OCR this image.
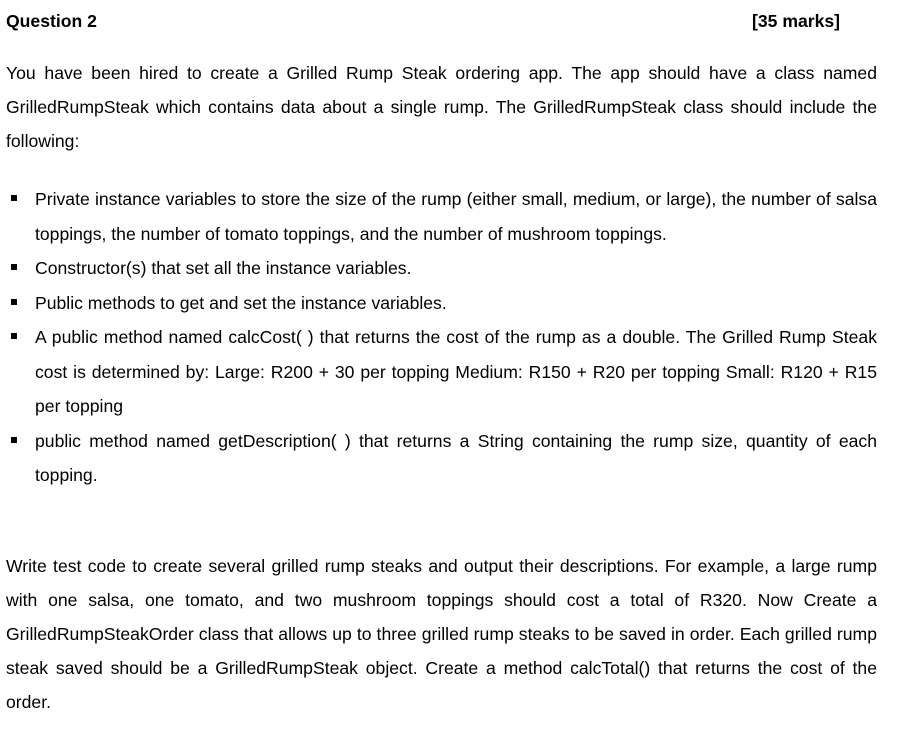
Question 2	[35 marks]

You have been hired to create a Grilled Rump Steak ordering app. The app should have a class named GrilledRumpSteak which contains data about a single rump. The GrilledRumpSteak class should include the following:

Private instance variables to store the size of the rump (either small, medium, or large), the number of salsa toppings, the number of tomato toppings, and the number of mushroom toppings.
Constructor(s) that set all the instance variables.
Public methods to get and set the instance variables.
A public method named calcCost( ) that returns the cost of the rump as a double. The Grilled Rump Steak cost is determined by: Large: R200 + 30 per topping Medium: R150 + R20 per topping Small: R120 + R15 per topping
public method named getDescription( ) that returns a String containing the rump size, quantity of each topping.

Write test code to create several grilled rump steaks and output their descriptions. For example, a large rump with one salsa, one tomato, and two mushroom toppings should cost a total of R320. Now Create a GrilledRumpSteakOrder class that allows up to three grilled rump steaks to be saved in order. Each grilled rump steak saved should be a GrilledRumpSteak object. Create a method calcTotal() that returns the cost of the order.
